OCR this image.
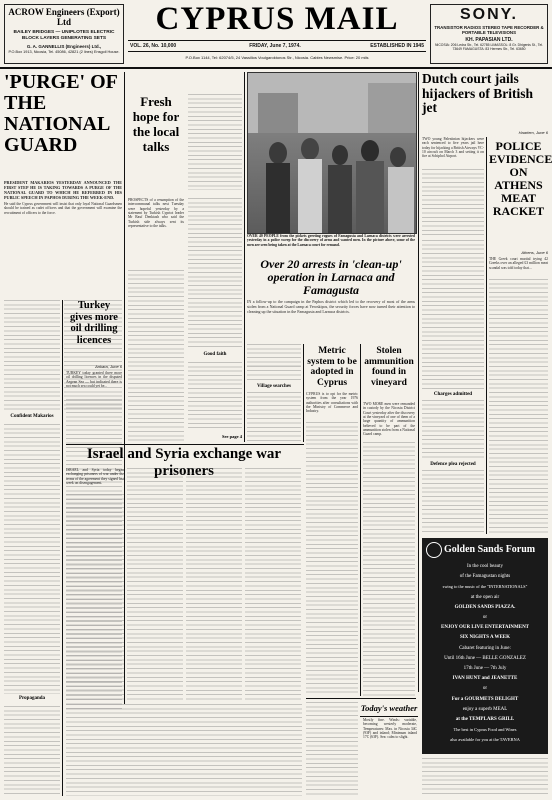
ACROW Engineers (Export) Ltd
BAILEY BRIDGES — UNIPLOTES ELECTRIC BLOCK LAYERS GENERATING SETS
G. A. GANNELLIS (Engineers) Ltd.,
P.O.Box 1913, Nicosia, Tel. 45086, 42821 (2 lines) Ensgoil House.
CYPRUS MAIL	SONY.
TRANSISTOR RADIOS STEREO TAPE RECORDER & PORTABLE TELEVISIONS
KH. PAPASIAN LTD.
NICOSIA: 206 Ledra Str., Tel. 62785 LIMASSOL: 8 Gr. Dhigenis St., Tel. 73649 FAMAGUSTA: 83 Hermes Str., Tel. 63650
VOL. 26, No. 10,000	FRIDAY, June 7, 1974.	ESTABLISHED IN 1945
P.O.Box 1144, Tel: 62074/5, 24 Vassilios Voulgaroktonos Str., Nicosia. Cables Newsmise. Price: 20 mils
'PURGE' OF THE NATIONAL GUARD
PRESIDENT MAKARIOS YESTERDAY ANNOUNCED THE FIRST STEP HE IS TAKING TOWARDS A PURGE OF THE NATIONAL GUARD TO WHICH HE REFERRED IN HIS PUBLIC SPEECH IN PAPHOS DURING THE WEEK-END.
He said the Cyprus government will insist that only loyal National Guardsmen should be trained as cadet officers and that the government will examine the recruitment of officers to the force.
Confident Makarios
Propaganda
Turkey gives more oil drilling licences
Ankara, June 6
TURKEY today granted three more oil drilling licences in the disputed Aegean Sea — but indicated there is not much sea could yet be...
Fresh hope for the local talks
PROSPECTS of a resumption of the intercommunal talks next Tuesday were hopeful yesterday by a statement by Turkish Cypriot leader Mr Rauf Denktash who said the Turkish side always sent its representative to the talks.
Good faith
See page 4
OVER 40 PEOPLE from the pickets greeting rogues of Famagusta and Larnaca districts were arrested yesterday in a police sweep for the discovery of arms and wanted men. In the picture above, some of the men are seen being taken at the Larnaca court for remand.
Over 20 arrests in 'clean-up' operation in Larnaca and Famagusta
IN a follow-up to the campaign in the Paphos district which led to the recovery of most of the arms stolen from a National Guard camp at Yeroskipos, the security forces have now turned their attention to cleaning up the situation in the Famagusta and Larnaca districts.
Village searches
Metric system to be adopted in Cyprus
CYPRUS is to opt for the metric system from the year 1976 authorities after consultations with the Ministry of Commerce and Industry.
Stolen ammunition found in vineyard
TWO MORE men were remanded in custody by the Nicosia District Court yesterday after the discovery at the vineyard of one of them of a large quantity of ammunition believed to be part of the ammunition stolen from a National Guard camp.
Dutch court jails hijackers of British jet
Haarlem, June 6
TWO young Palestinian hijackers were each sentenced to five years jail here today for hijacking a British Airways VC-10 aircraft on March 3 and setting it on fire at Schiphol Airport.
Charges admitted
Defence plea rejected
POLICE EVIDENCE ON ATHENS MEAT RACKET
Athens, June 6
THE Greek court martial trying 42 Greeks over an alleged £3 million meat scandal was told today that...
Israel and Syria exchange war prisoners
ISRAEL and Syria today began exchanging prisoners of war under the terms of the agreement they signed last week on disengagement.
Golden Sands Forum
In the cool beauty
of the Famagustan nights
swing to the music of the "INTERNATIONALS"
at the open air
GOLDEN SANDS PIAZZA.
or
ENJOY OUR LIVE ENTERTAINMENT
SIX NIGHTS A WEEK
Cabaret featuring in June:
Until 16th June — BELLE GONZALEZ
17th June — 7th July
IVAN HUNT and JEANETTE
or
For a GOURMETS DELIGHT
enjoy a superb MEAL
at the TEMPLARS GRILL
The best in Cyprus Food and Wines
also available for you at the TAVERNA
Today's weather
Mostly fine. Winds: variable, becoming westerly moderate, Temperatures: Max. in Nicosia 34C (93F) and inland; Minimum inland 17C (63F). Sea: calm to slight.
